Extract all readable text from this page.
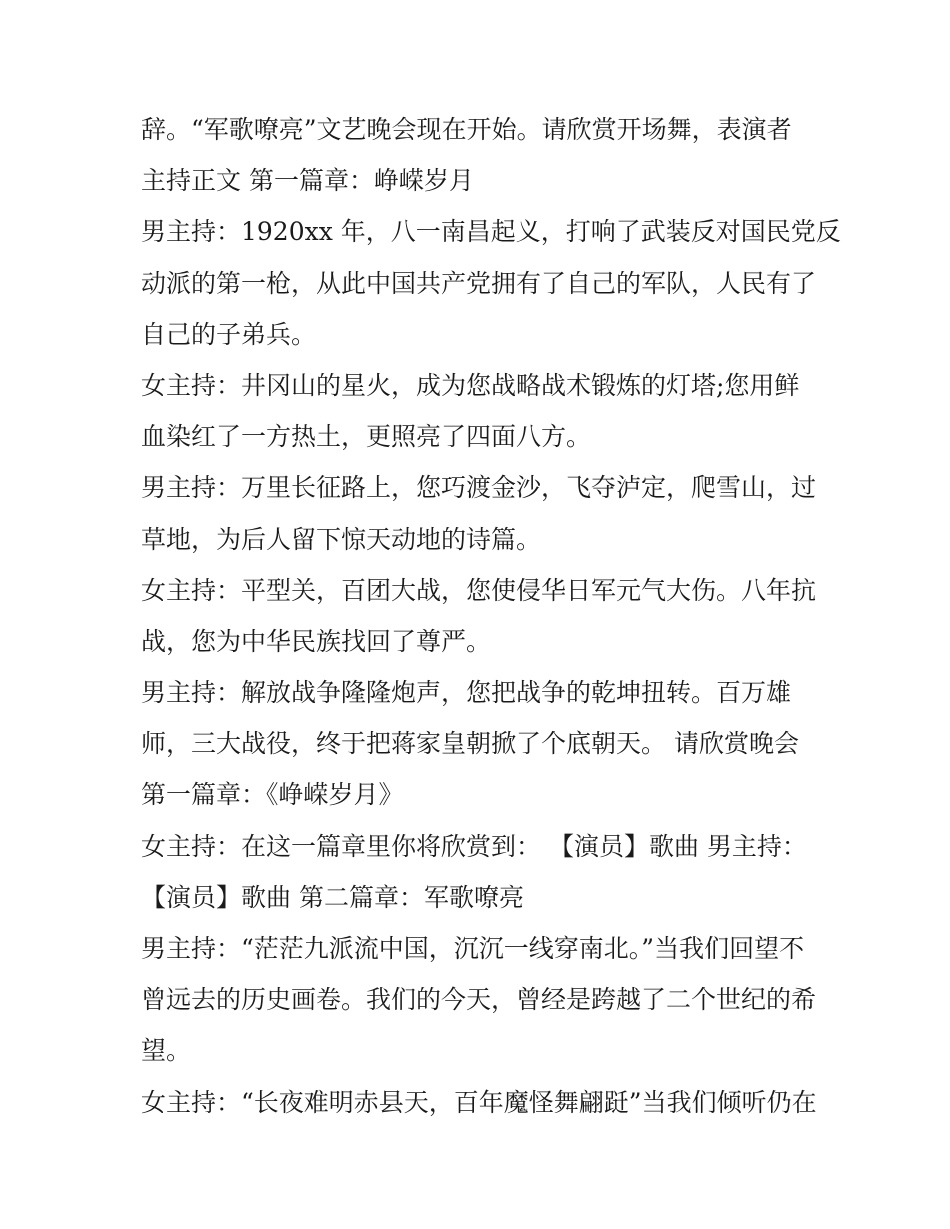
辞。“军歌嘹亮”文艺晚会现在开始。请欣赏开场舞，表演者
主持正文 第一篇章：峥嵘岁月
男主持：1920xx 年，八一南昌起义，打响了武装反对国民党反
动派的第一枪，从此中国共产党拥有了自己的军队，人民有了
自己的子弟兵。
女主持：井冈山的星火，成为您战略战术锻炼的灯塔;您用鲜
血染红了一方热土，更照亮了四面八方。
男主持：万里长征路上，您巧渡金沙，飞夺泸定，爬雪山，过
草地，为后人留下惊天动地的诗篇。
女主持：平型关，百团大战，您使侵华日军元气大伤。八年抗
战，您为中华民族找回了尊严。
男主持：解放战争隆隆炮声，您把战争的乾坤扭转。百万雄
师，三大战役，终于把蒋家皇朝掀了个底朝天。 请欣赏晚会
第一篇章：《峥嵘岁月》
女主持：在这一篇章里你将欣赏到： 【演员】歌曲 男主持：
【演员】歌曲 第二篇章：军歌嘹亮
男主持：“茫茫九派流中国，沉沉一线穿南北。”当我们回望不
曾远去的历史画卷。我们的今天，曾经是跨越了二个世纪的希
望。
女主持：“长夜难明赤县天，百年魔怪舞翩跹”当我们倾听仍在
